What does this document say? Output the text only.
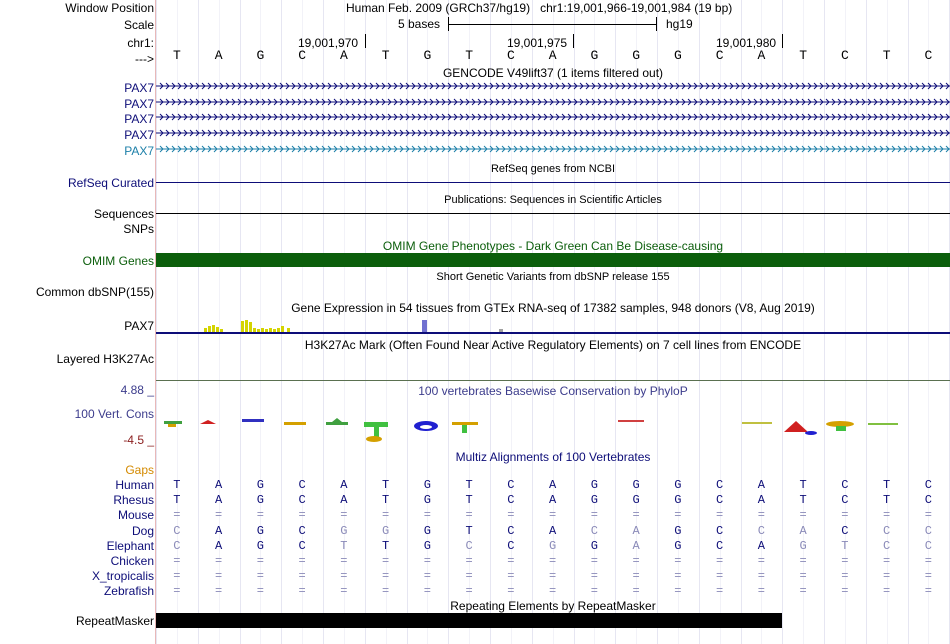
Window Position	Human Feb. 2009 (GRCh37/hg19) chr1:19,001,966-19,001,984 (19 bp)
Scale	5 bases	hg19
chr1:	19,001,970	19,001,975	19,001,980
--->	T	A	G	C	A	T	G	T	C	A	G	G	G	C	A	T	C	T	C
GENCODE V49lift37 (1 items filtered out)
PAX7
PAX7
PAX7
PAX7
PAX7
RefSeq genes from NCBI
RefSeq Curated
Publications: Sequences in Scientific Articles
Sequences
SNPs
OMIM Gene Phenotypes - Dark Green Can Be Disease-causing
OMIM Genes
Short Genetic Variants from dbSNP release 155
Common dbSNP(155)
Gene Expression in 54 tissues from GTEx RNA-seq of 17382 samples, 948 donors (V8, Aug 2019)
PAX7
H3K27Ac Mark (Often Found Near Active Regulatory Elements) on 7 cell lines from ENCODE
Layered H3K27Ac
100 vertebrates Basewise Conservation by PhyloP
4.88 _
100 Vert. Cons
-4.5 _
Multiz Alignments of 100 Vertebrates
Gaps
Human	T	A	G	C	A	T	G	T	C	A	G	G	G	C	A	T	C	T	C
Rhesus	T	A	G	C	A	T	G	T	C	A	G	G	G	C	A	T	C	T	C
Mouse	=	=	=	=	=	=	=	=	=	=	=	=	=	=	=	=	=	=	=
Dog	C	A	G	C	G	G	G	T	C	A	C	A	G	C	C	A	C	C	C
Elephant	C	A	G	C	T	T	G	C	C	G	G	A	G	C	A	G	T	C	C
Chicken	=	=	=	=	=	=	=	=	=	=	=	=	=	=	=	=	=	=	=
X_tropicalis	=	=	=	=	=	=	=	=	=	=	=	=	=	=	=	=	=	=	=
Zebrafish	=	=	=	=	=	=	=	=	=	=	=	=	=	=	=	=	=	=	=
Repeating Elements by RepeatMasker
RepeatMasker
